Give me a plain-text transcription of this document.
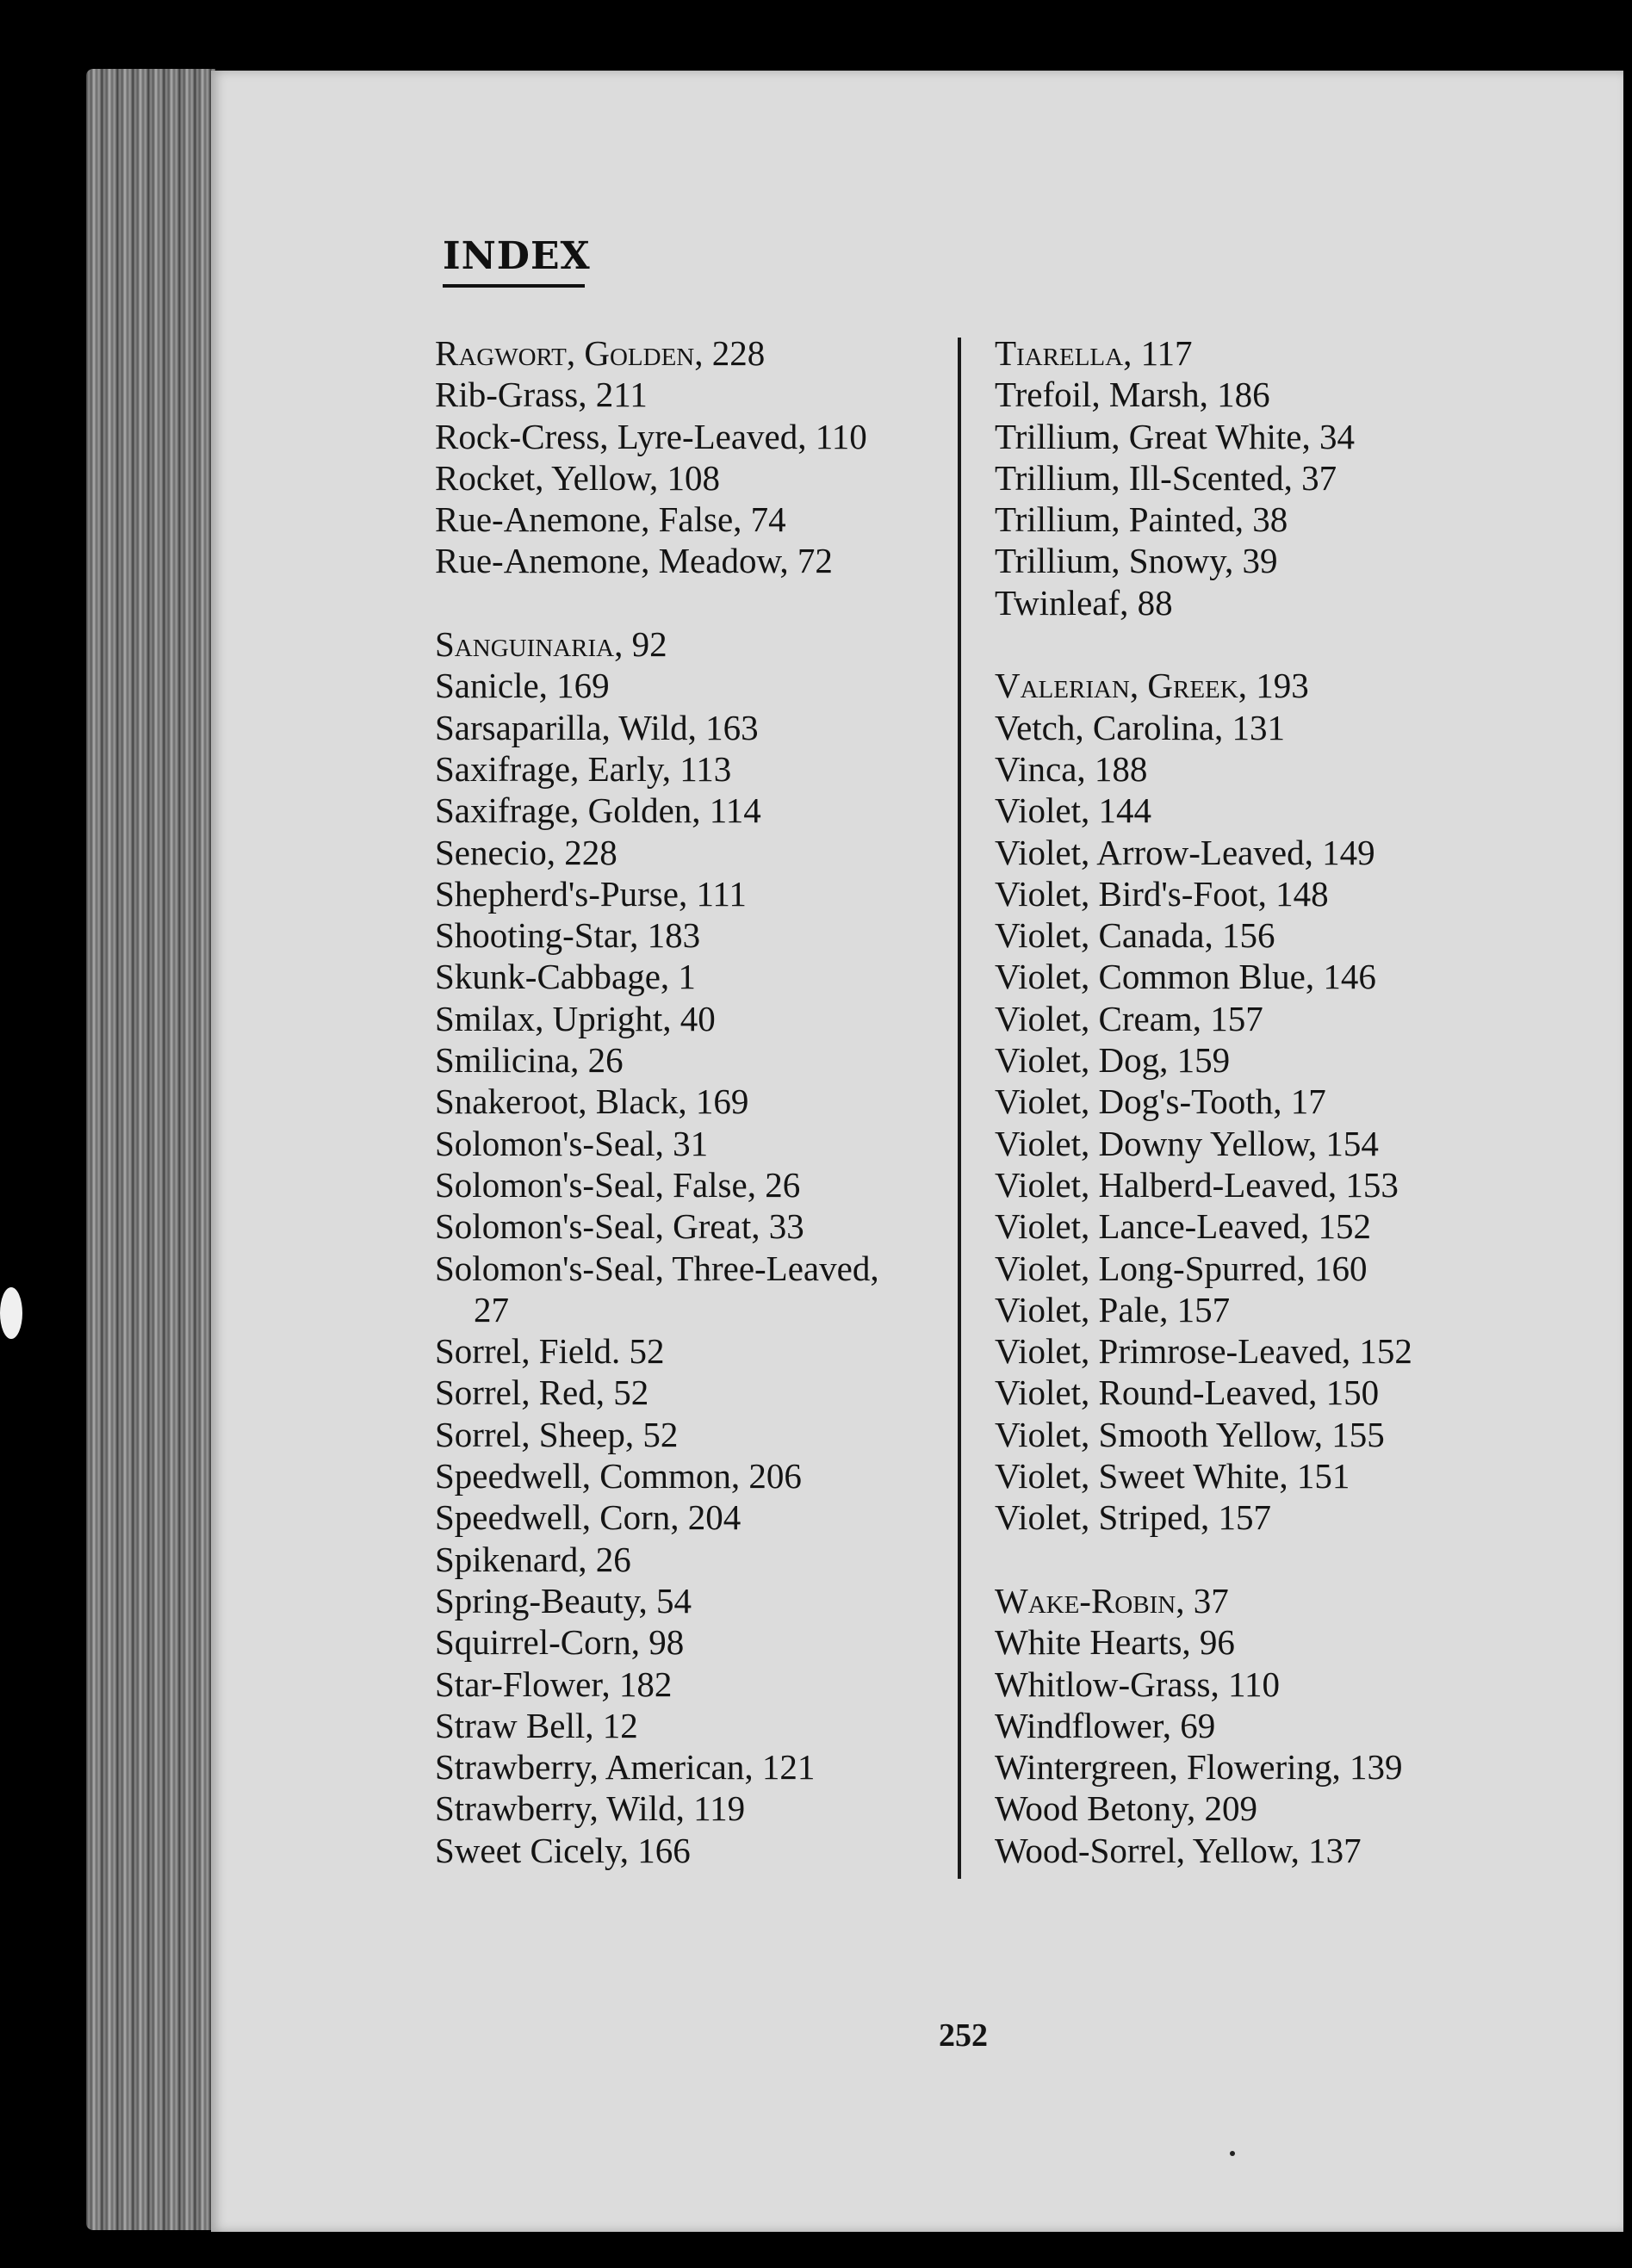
INDEX
Ragwort, Golden, 228
Rib-Grass, 211
Rock-Cress, Lyre-Leaved, 110
Rocket, Yellow, 108
Rue-Anemone, False, 74
Rue-Anemone, Meadow, 72
Sanguinaria, 92
Sanicle, 169
Sarsaparilla, Wild, 163
Saxifrage, Early, 113
Saxifrage, Golden, 114
Senecio, 228
Shepherd's-Purse, 111
Shooting-Star, 183
Skunk-Cabbage, 1
Smilax, Upright, 40
Smilicina, 26
Snakeroot, Black, 169
Solomon's-Seal, 31
Solomon's-Seal, False, 26
Solomon's-Seal, Great, 33
Solomon's-Seal, Three-Leaved,
27
Sorrel, Field. 52
Sorrel, Red, 52
Sorrel, Sheep, 52
Speedwell, Common, 206
Speedwell, Corn, 204
Spikenard, 26
Spring-Beauty, 54
Squirrel-Corn, 98
Star-Flower, 182
Straw Bell, 12
Strawberry, American, 121
Strawberry, Wild, 119
Sweet Cicely, 166
Tiarella, 117
Trefoil, Marsh, 186
Trillium, Great White, 34
Trillium, Ill-Scented, 37
Trillium, Painted, 38
Trillium, Snowy, 39
Twinleaf, 88
Valerian, Greek, 193
Vetch, Carolina, 131
Vinca, 188
Violet, 144
Violet, Arrow-Leaved, 149
Violet, Bird's-Foot, 148
Violet, Canada, 156
Violet, Common Blue, 146
Violet, Cream, 157
Violet, Dog, 159
Violet, Dog's-Tooth, 17
Violet, Downy Yellow, 154
Violet, Halberd-Leaved, 153
Violet, Lance-Leaved, 152
Violet, Long-Spurred, 160
Violet, Pale, 157
Violet, Primrose-Leaved, 152
Violet, Round-Leaved, 150
Violet, Smooth Yellow, 155
Violet, Sweet White, 151
Violet, Striped, 157
Wake-Robin, 37
White Hearts, 96
Whitlow-Grass, 110
Windflower, 69
Wintergreen, Flowering, 139
Wood Betony, 209
Wood-Sorrel, Yellow, 137
252
